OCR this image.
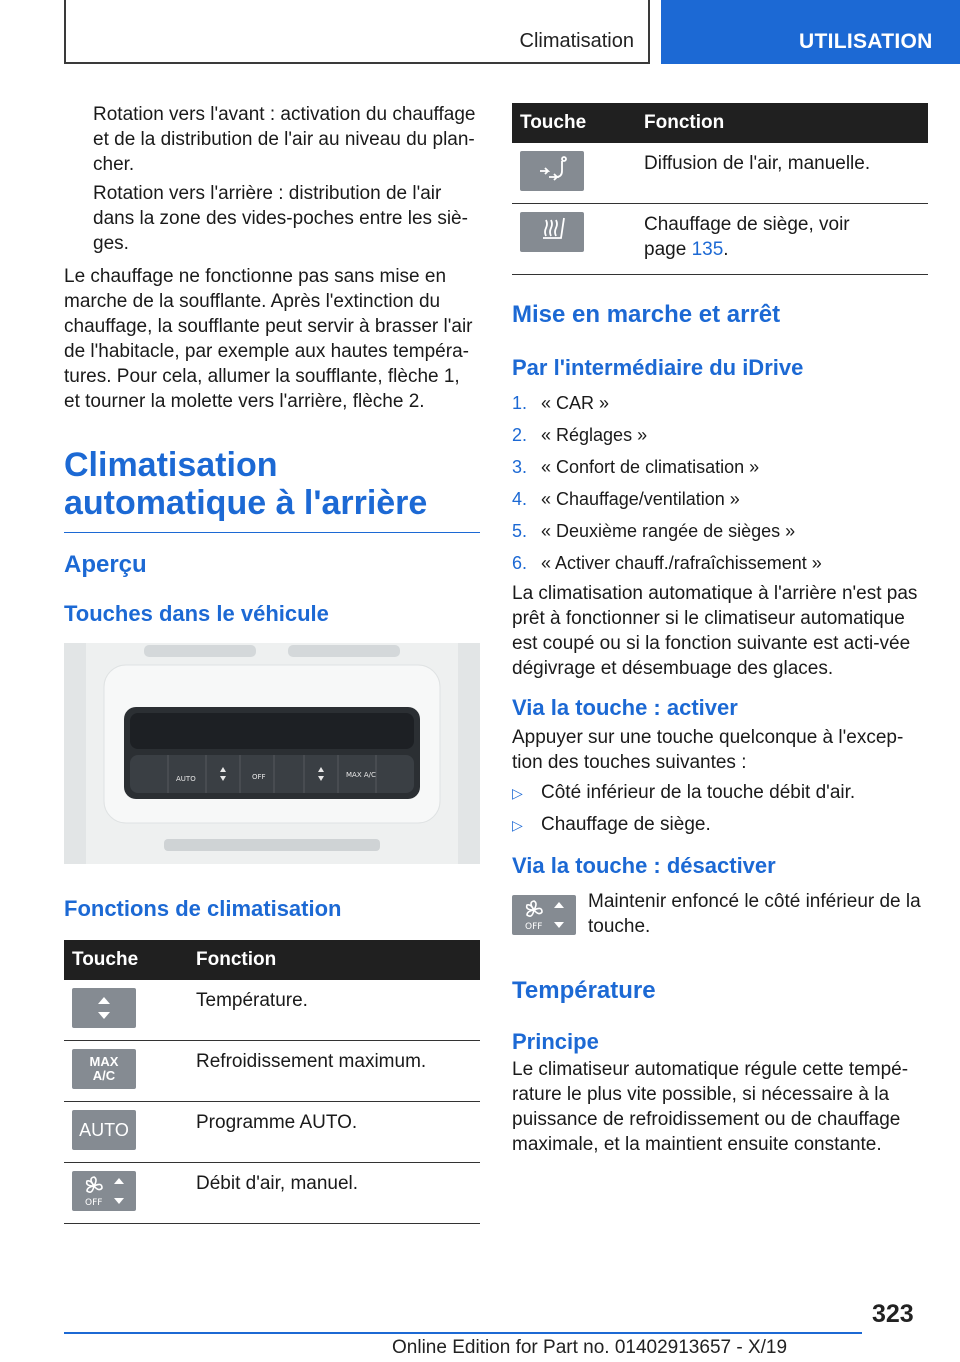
Climatisation	UTILISATION

Rotation vers l'avant : activation du chauffage et de la distribution de l'air au niveau du plan-cher.

Rotation vers l'arrière : distribution de l'air dans la zone des vides-poches entre les siè-ges.

Le chauffage ne fonctionne pas sans mise en marche de la soufflante. Après l'extinction du chauffage, la soufflante peut servir à brasser l'air de l'habitacle, par exemple aux hautes tempéra-tures. Pour cela, allumer la soufflante, flèche 1, et tourner la molette vers l'arrière, flèche 2.

Climatisation automatique à l'arrière
Aperçu
Touches dans le véhicule
AUTO	OFF	MAX A/C
Fonctions de climatisation
Touche	Fonction

	Température.

MAX A/C	Refroidissement maximum.

AUTO	Programme AUTO.

OFF	Débit d'air, manuel.
Touche	Fonction

	Diffusion de l'air, manuelle.

	Chauffage de siège, voir
page 135.
Mise en marche et arrêt
Par l'intermédiaire du iDrive
1. « CAR »
2. « Réglages »
3. « Confort de climatisation »
4. « Chauffage/ventilation »
5. « Deuxième rangée de sièges »
6. « Activer chauff./rafraîchissement »

La climatisation automatique à l'arrière n'est pas prêt à fonctionner si le climatiseur automatique est coupé ou si la fonction suivante est acti-vée dégivrage et désembuage des glaces.

Via la touche : activer

Appuyer sur une touche quelconque à l'excep-tion des touches suivantes :

▷ Côté inférieur de la touche débit d'air.
▷ Chauffage de siège.
Via la touche : désactiver
OFF

Maintenir enfoncé le côté inférieur de la touche.

Température
Principe

Le climatiseur automatique régule cette tempé-rature le plus vite possible, si nécessaire à la puissance de refroidissement ou de chauffage maximale, et la maintient ensuite constante.

323
Online Edition for Part no. 01402913657 - X/19
